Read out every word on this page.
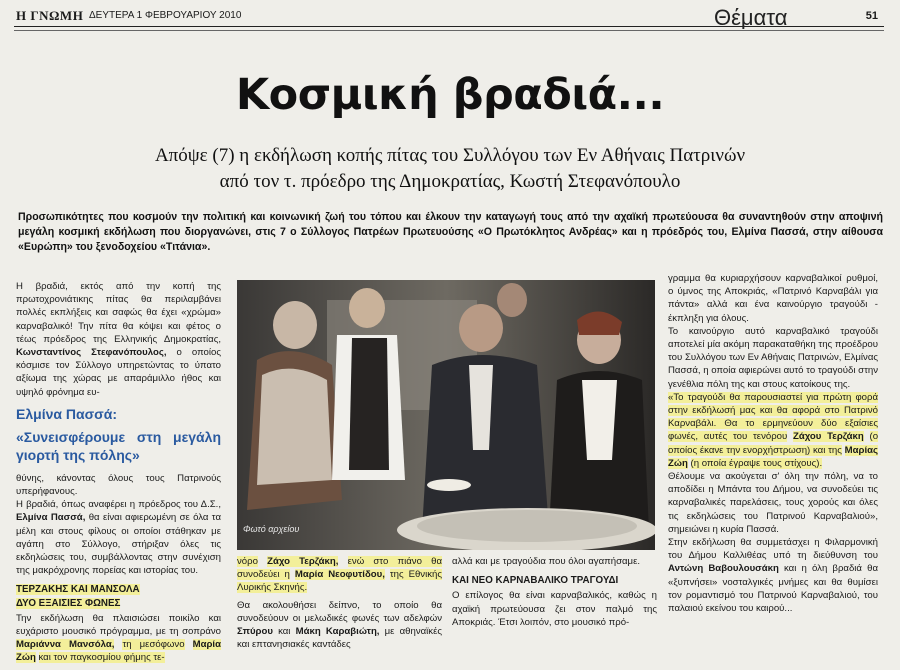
Η ΓΝΩΜΗ ΔΕΥΤΕΡΑ 1 ΦΕΒΡΟΥΑΡΙΟΥ 2010	Θέματα	51
Κοσμική βραδιά...
Απόψε (7) η εκδήλωση κοπής πίτας του Συλλόγου των Εν Αθήναις Πατρινών
από τον τ. πρόεδρο της Δημοκρατίας, Κωστή Στεφανόπουλο
Προσωπικότητες που κοσμούν την πολιτική και κοινωνική ζωή του τόπου και έλκουν την καταγωγή τους από την αχαϊκή πρωτεύουσα θα συναντηθούν στην αποψινή μεγάλη κοσμική εκδήλωση που διοργανώνει, στις 7 ο Σύλλογος Πατρέων Πρωτευούσης «Ο Πρωτόκλητος Ανδρέας» και η πρόεδρός του, Ελμίνα Πασσά, στην αίθουσα «Ευρώπη» του ξενοδοχείου «Τιτάνια».

Η βραδιά, εκτός από την κοπή της πρωτοχρονιάτικης πίτας θα περιλαμβάνει πολλές εκπλήξεις και σαφώς θα έχει «χρώμα» καρναβαλικό! Την πίτα θα κόψει και φέτος ο τέως πρόεδρος της Ελληνικής Δημοκρατίας, Κωνσταντίνος Στεφανόπουλος, ο οποίος κόσμισε τον Σύλλογο υπηρετώντας το ύπατο αξίωμα της χώρας με απαράμιλλο ήθος και υψηλό φρόνημα ευ-

Ελμίνα Πασσά:
«Συνεισφέρουμε στη μεγάλη γιορτή της πόλης»

θύνης, κάνοντας όλους τους Πατρινούς υπερήφανους.

Η βραδιά, όπως αναφέρει η πρόεδρος του Δ.Σ., Ελμίνα Πασσά, θα είναι αφιερωμένη σε όλα τα μέλη και στους φίλους οι οποίοι στάθηκαν με αγάπη στο Σύλλογο, στήριξαν όλες τις εκδηλώσεις του, συμβάλλοντας στην συνέχιση της μακρόχρονης πορείας και ιστορίας του.

ΤΕΡΖΑΚΗΣ ΚΑΙ ΜΑΝΣΟΛΑ
ΔΥΟ ΕΞΑΙΣΙΕΣ ΦΩΝΕΣ

Την εκδήλωση θα πλαισιώσει ποικίλο και ευχάριστο μουσικό πρόγραμμα, με τη σοπράνο Μαριάννα Μανσόλα, τη μεσόφωνο Μαρία Ζώη και τον παγκοσμίου φήμης τε-

Φωτό αρχείου

νόρο Ζάχο Τερζάκη, ενώ στο πιάνο θα συνοδεύει η Μαρία Νεοφυτίδου, της Εθνικής Λυρικής Σκηνής.

Θα ακολουθήσει δείπνο, το οποίο θα συνοδεύουν οι μελωδικές φωνές των αδελφών Σπύρου και Μάκη Καραβιώτη, με αθηναϊκές και επτανησιακές καντάδες

αλλά και με τραγούδια που όλοι αγαπήσαμε.

ΚΑΙ ΝΕΟ ΚΑΡΝΑΒΑΛΙΚΟ ΤΡΑΓΟΥΔΙ

Ο επίλογος θα είναι καρναβαλικός, καθώς η αχαϊκή πρωτεύουσα ζει στον παλμό της Αποκριάς. Έτσι λοιπόν, στο μουσικό πρό-

γραμμα θα κυριαρχήσουν καρναβαλικοί ρυθμοί, ο ύμνος της Αποκριάς, «Πατρινό Καρναβάλι για πάντα» αλλά και ένα καινούργιο τραγούδι - έκπληξη για όλους.

Το καινούργιο αυτό καρναβαλικό τραγούδι αποτελεί μία ακόμη παρακαταθήκη της προέδρου του Συλλόγου των Εν Αθήναις Πατρινών, Ελμίνας Πασσά, η οποία αφιερώνει αυτό το τραγούδι στην γενέθλια πόλη της και στους κατοίκους της.

«Το τραγούδι θα παρουσιαστεί για πρώτη φορά στην εκδήλωσή μας και θα αφορά στο Πατρινό Καρναβάλι. Θα το ερμηνεύουν δύο εξαίσιες φωνές, αυτές του τενόρου Ζάχου Τερζάκη (ο οποίος έκανε την ενορχήστρωση) και της Μαρίας Ζώη (η οποία έγραψε τους στίχους).

Θέλουμε να ακούγεται σ' όλη την πόλη, να το αποδίδει η Μπάντα του Δήμου, να συνοδεύει τις καρναβαλικές παρελάσεις, τους χορούς και όλες τις εκδηλώσεις του Πατρινού Καρναβαλιού», σημειώνει η κυρία Πασσά.

Στην εκδήλωση θα συμμετάσχει η Φιλαρμονική του Δήμου Καλλιθέας υπό τη διεύθυνση του Αντώνη Βαβουλουσάκη και η όλη βραδιά θα «ξυπνήσει» νοσταλγικές μνήμες και θα θυμίσει τον ρομαντισμό του Πατρινού Καρναβαλιού, του παλαιού εκείνου του καιρού...
